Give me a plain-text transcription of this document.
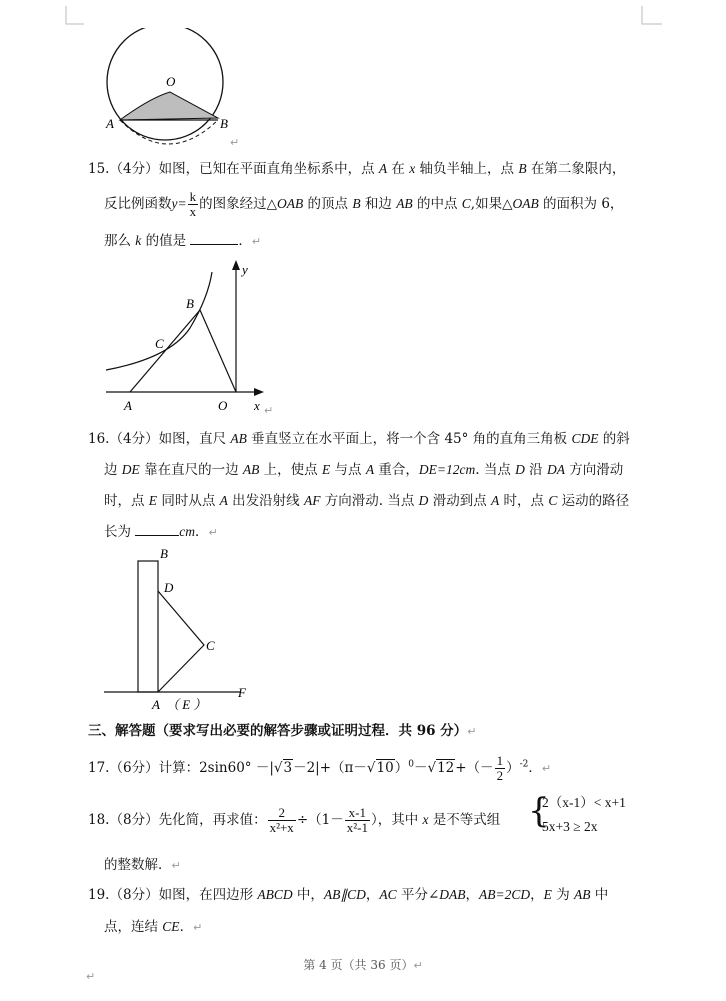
O
A	B
↵
15.（4分）如图，已知在平面直角坐标系中，点 A 在 x 轴负半轴上，点 B 在第二象限内，
反比例函数$y= \frac{k}{x}$ 的图象经过△OAB 的顶点 B 和边 AB 的中点 C,如果△OAB 的面积为 6，
那么 k 的值是	．↵
y
B
C
A	O x ↵
16.（4分）如图，直尺 AB 垂直竖立在水平面上，将一个含 45° 角的直角三角板 CDE 的斜
边 DE 靠在直尺的一边 AB 上，使点 E 与点 A 重合，DE=12cm. 当点 D 沿 DA 方向滑动
时，点 E 同时从点 A 出发沿射线 AF 方向滑动. 当点 D 滑动到点 A 时，点 C 运动的路径
长为	cm．↵
B
D
C
A （ E ）
F
三、解答题（要求写出必要的解答步骤或证明过程．共 96 分）↵
17.（6分）计算：$2\sin 60^\circ -|√3-2|+(\pi-√10)^0-√12+(- \frac{1}{2} )^{-2}$．↵
18.（8分）先化简，再求值： $\frac{2}{\text{x²+x}} \div(1- \frac{x-1}{\text{x²-1}}$ ），其中 x 是不等式组 {
2（x-1）< x+1
5x+3 ≥ 2x
的整数解．↵
19.（8分）如图，在四边形 ABCD 中，AB∥CD，AC 平分∠DAB，AB=2CD，E 为 AB 中
点，连结 CE．↵
第 4 页（共 36 页）↵
↵
